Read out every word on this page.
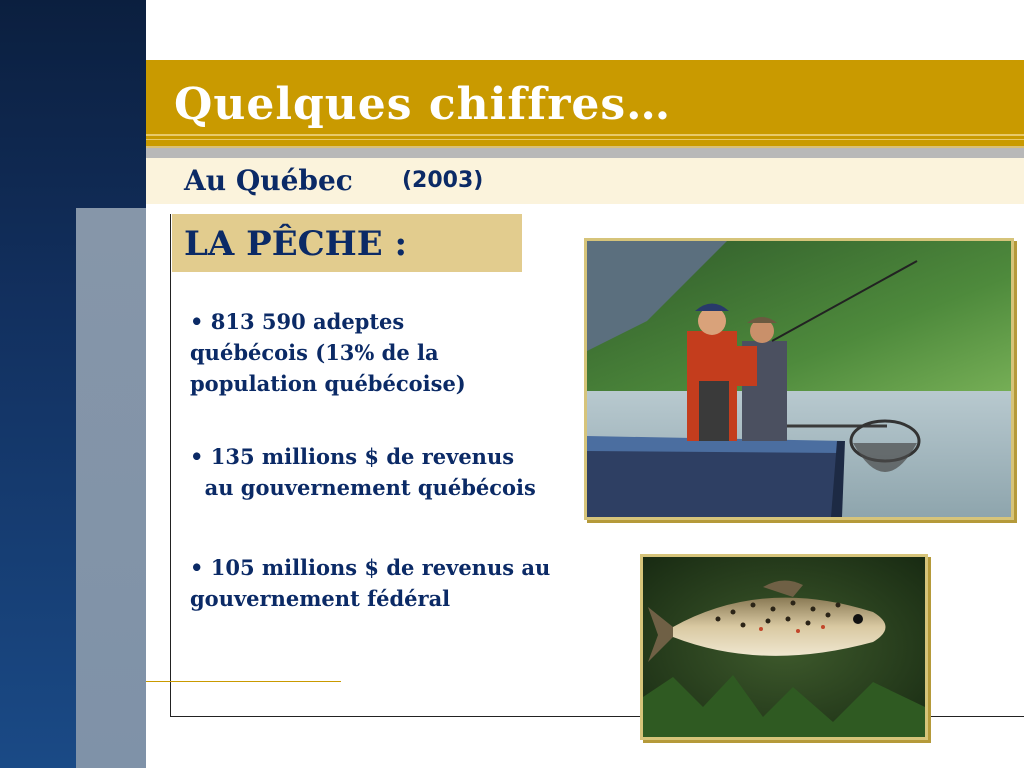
Quelques chiffres…
Au Québec (2003)
LA PÊCHE :
• 813 590 adeptes
québécois (13% de la
population québécoise)
• 135 millions $ de revenus
au gouvernement québécois
• 105 millions $ de revenus au
gouvernement fédéral
